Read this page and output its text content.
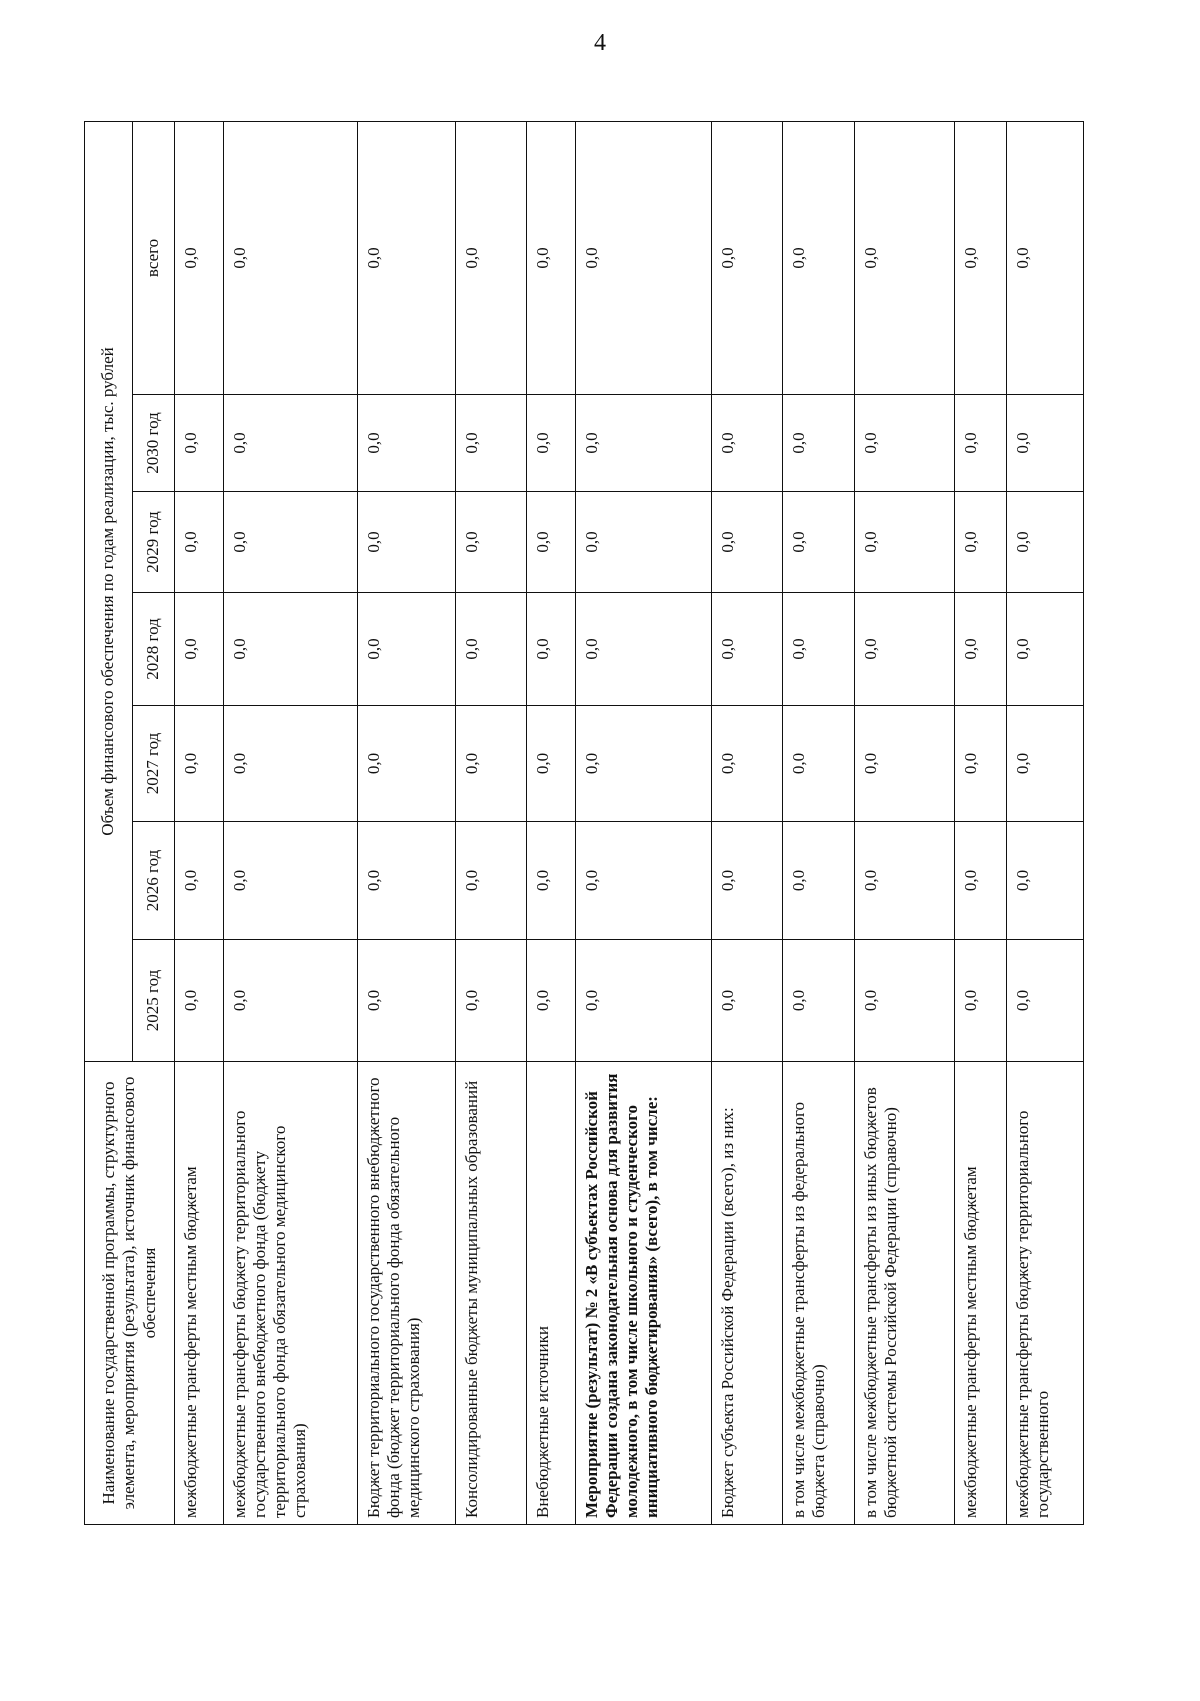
4
Наименование государственной программы, структурного элемента, мероприятия (результата), источник финансового обеспечения	Объем финансового обеспечения по годам реализации, тыс. рублей						
	2025 год	2026 год	2027 год	2028 год	2029 год	2030 год	всего
межбюджетные трансферты местным бюджетам	0,0	0,0	0,0	0,0	0,0	0,0	0,0
межбюджетные трансферты бюджету территориального государственного внебюджетного фонда (бюджету территориального фонда обязательного медицинского страхования)	0,0	0,0	0,0	0,0	0,0	0,0	0,0
Бюджет территориального государственного внебюджетного фонда (бюджет территориального фонда обязательного медицинского страхования)	0,0	0,0	0,0	0,0	0,0	0,0	0,0
Консолидированные бюджеты муниципальных образований	0,0	0,0	0,0	0,0	0,0	0,0	0,0
Внебюджетные источники	0,0	0,0	0,0	0,0	0,0	0,0	0,0
Мероприятие (результат) № 2 «В субъектах Российской Федерации создана законодательная основа для развития молодежного, в том числе школьного и студенческого инициативного бюджетирования» (всего), в том числе:	0,0	0,0	0,0	0,0	0,0	0,0	0,0
Бюджет субъекта Российской Федерации (всего), из них:	0,0	0,0	0,0	0,0	0,0	0,0	0,0
в том числе межбюджетные трансферты из федерального бюджета (справочно)	0,0	0,0	0,0	0,0	0,0	0,0	0,0
в том числе межбюджетные трансферты из иных бюджетов бюджетной системы Российской Федерации (справочно)	0,0	0,0	0,0	0,0	0,0	0,0	0,0
межбюджетные трансферты местным бюджетам	0,0	0,0	0,0	0,0	0,0	0,0	0,0
межбюджетные трансферты бюджету территориального государственного	0,0	0,0	0,0	0,0	0,0	0,0	0,0
